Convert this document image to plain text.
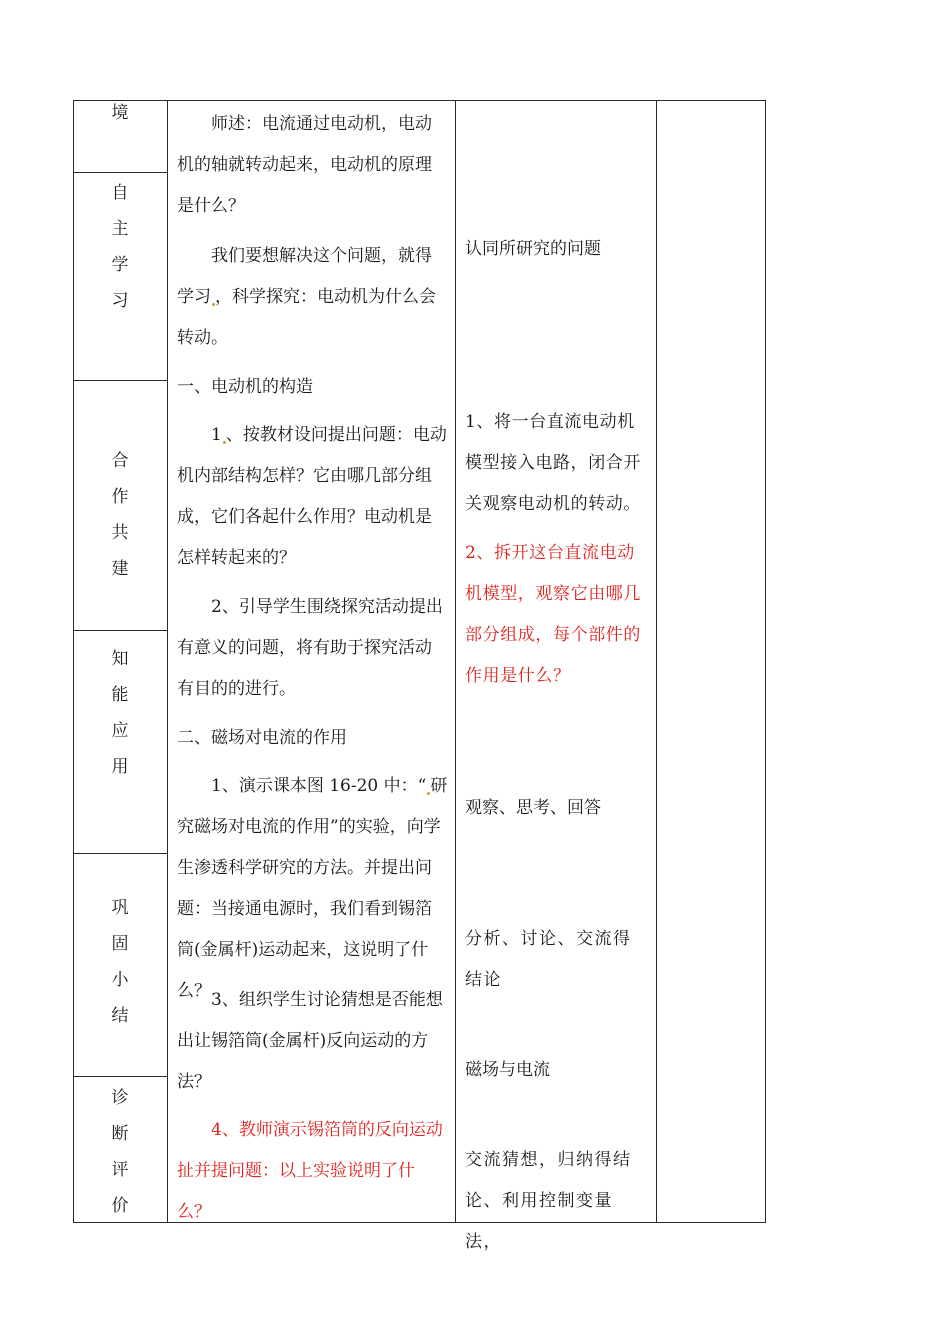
境
自
主
学
习
合
作
共
建
知
能
应
用
巩
固
小
结
诊
断
评
价

师述：电流通过电动机，电动机的轴就转动起来，电动机的原理是什么？

我们要想解决这个问题，就得学习 ，科学探究：电动机为什么会转动。

一、电动机的构造

1 、按教材设问提出问题：电动机内部结构怎样？它由哪几部分组成，它们各起什么作用？电动机是怎样转起来的？

2、引导学生围绕探究活动提出有意义的问题，将有助于探究活动有目的的进行。

二、磁场对电流的作用

1、演示课本图 16-20 中：“ 研究磁场对电流的作用”的实验，向学生渗透科学研究的方法。并提出问题：当接通电源时，我们看到锡箔筒(金属杆)运动起来，这说明了什么？ 3、组织学生讨论猜想是否能想出让锡箔筒(金属杆)反向运动的方法？

4、教师演示锡箔筒的反向运动扯并提问题：以上实验说明了什么？

认同所研究的问题

1、将一台直流电动机模型接入电路，闭合开关观察电动机的转动。

2、拆开这台直流电动机模型，观察它由哪几部分组成，每个部件的作用是什么？

观察、思考、回答

分析、讨论、交流得结论

磁场与电流

交流猜想，归纳得结论、利用控制变量法，
